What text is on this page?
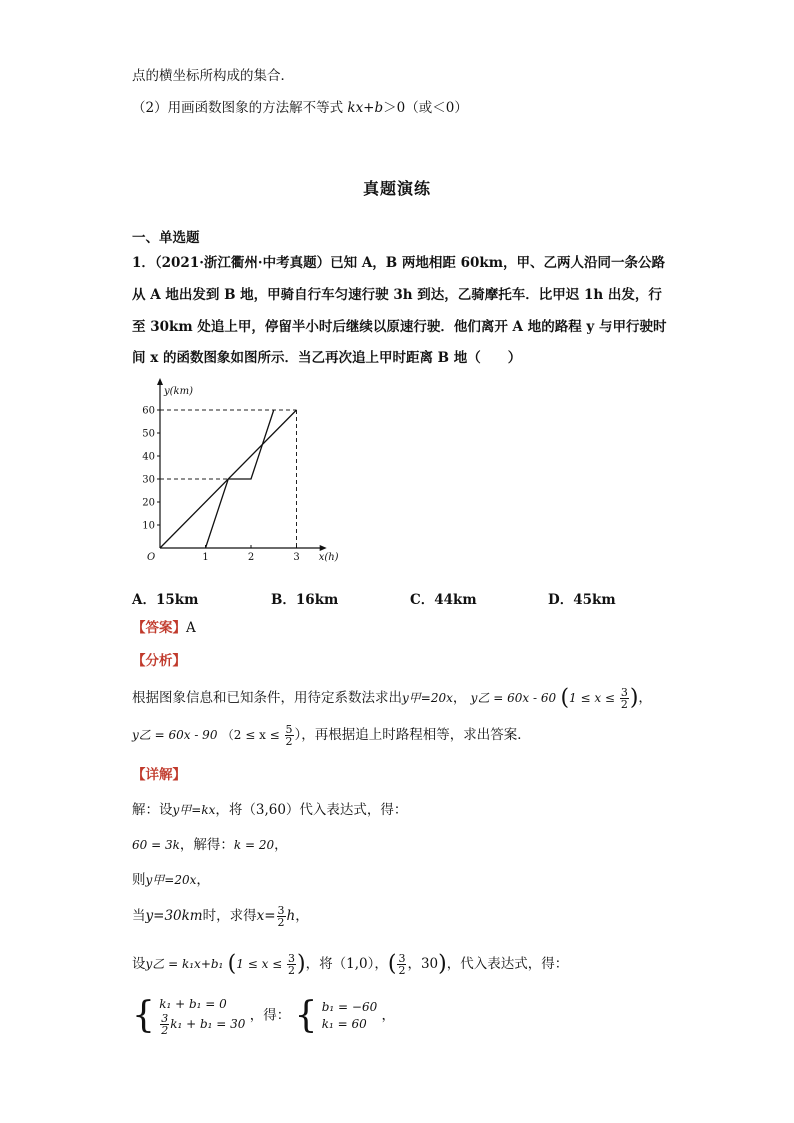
点的横坐标所构成的集合．
（2）用画函数图象的方法解不等式 kx+b＞0（或＜0）
真题演练
一、单选题
1．（2021·浙江衢州·中考真题）已知 A，B 两地相距 60km，甲、乙两人沿同一条公路
从 A 地出发到 B 地，甲骑自行车匀速行驶 3h 到达，乙骑摩托车．比甲迟 1h 出发，行
至 30km 处追上甲，停留半小时后继续以原速行驶．他们离开 A 地的路程 y 与甲行驶时
间 x 的函数图象如图所示．当乙再次追上甲时距离 B 地（　　）
y(km)
x(h)
O
10
20
30
40
50
60
1	2	3
A．15km	B．16km	C．44km	D．45km
【答案】A
【分析】
根据图象信息和已知条件，用待定系数法求出y甲=20x， y乙 = 60x - 60 ($1 \le x \le \frac{3}{2}$ )，
y乙 = 60x - 90 （$2 \le x \le \frac{5}{2}$ ），再根据追上时路程相等，求出答案．
【详解】
解：设y甲=kx，将（3,60）代入表达式，得：
60 = 3k，解得：k = 20，
则y甲=20x，
当y=30km时，求得$x= \frac{3}{2}$ h，
设y乙 = k₁x+b₁ ($1 \le x \le \frac{3}{2}$ )，将（1,0），( $\frac{3}{2}$ ，30)，代入表达式，得：
{ k₁ + b₁ = 0
$\frac{3}{2} k_1 + b_1 = 30$
，得： { b₁ = −60
k₁ = 60
，
